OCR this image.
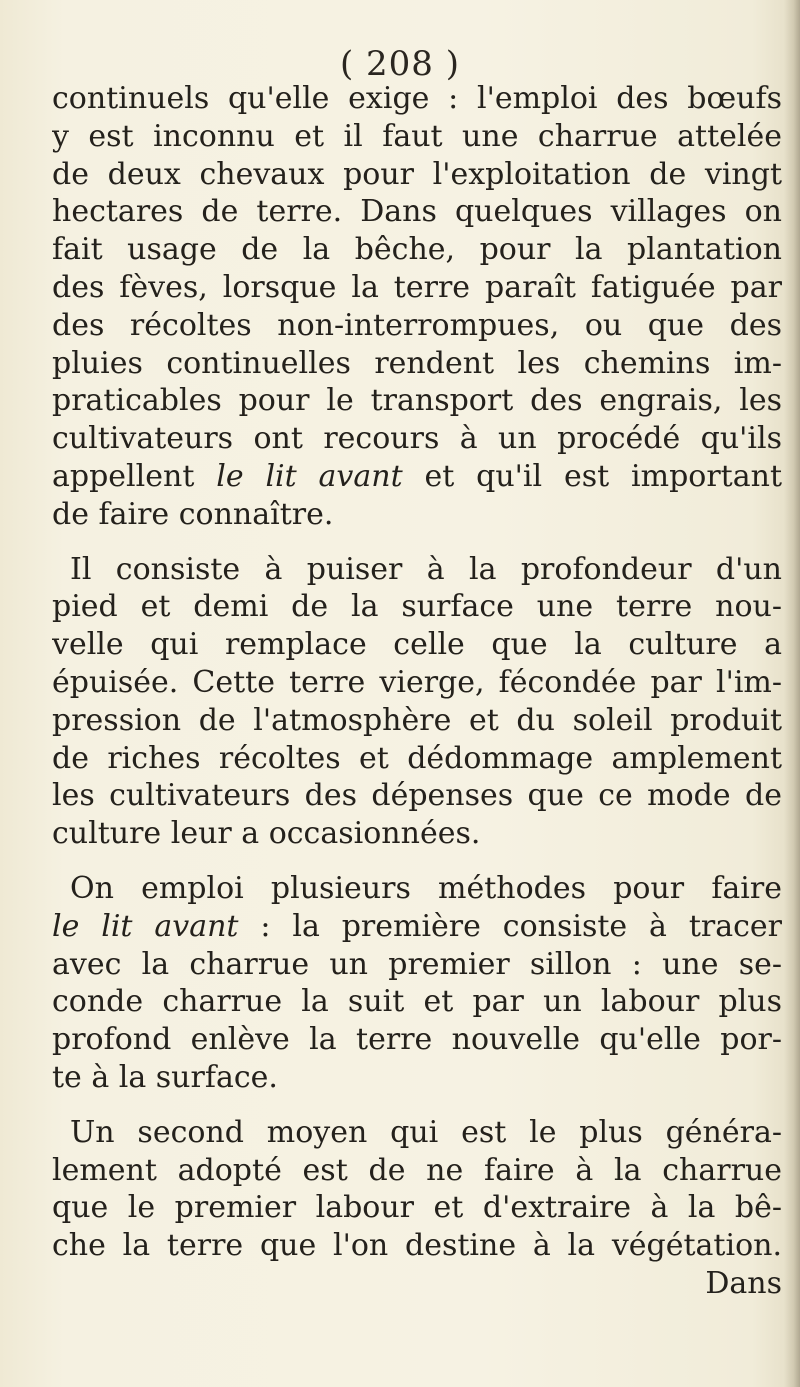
( 208 )
continuels qu'elle exige : l'emploi des bœufs
y est inconnu et il faut une charrue attelée
de deux chevaux pour l'exploitation de vingt
hectares de terre. Dans quelques villages on
fait usage de la bêche, pour la plantation
des fèves, lorsque la terre paraît fatiguée par
des récoltes non-interrompues, ou que des
pluies continuelles rendent les chemins im-
praticables pour le transport des engrais, les
cultivateurs ont recours à un procédé qu'ils
appellent le lit avant et qu'il est important
de faire connaître.
Il consiste à puiser à la profondeur d'un
pied et demi de la surface une terre nou-
velle qui remplace celle que la culture a
épuisée. Cette terre vierge, fécondée par l'im-
pression de l'atmosphère et du soleil produit
de riches récoltes et dédommage amplement
les cultivateurs des dépenses que ce mode de
culture leur a occasionnées.
On emploi plusieurs méthodes pour faire
le lit avant : la première consiste à tracer
avec la charrue un premier sillon : une se-
conde charrue la suit et par un labour plus
profond enlève la terre nouvelle qu'elle por-
te à la surface.
Un second moyen qui est le plus généra-
lement adopté est de ne faire à la charrue
que le premier labour et d'extraire à la bê-
che la terre que l'on destine à la végétation.
Dans
